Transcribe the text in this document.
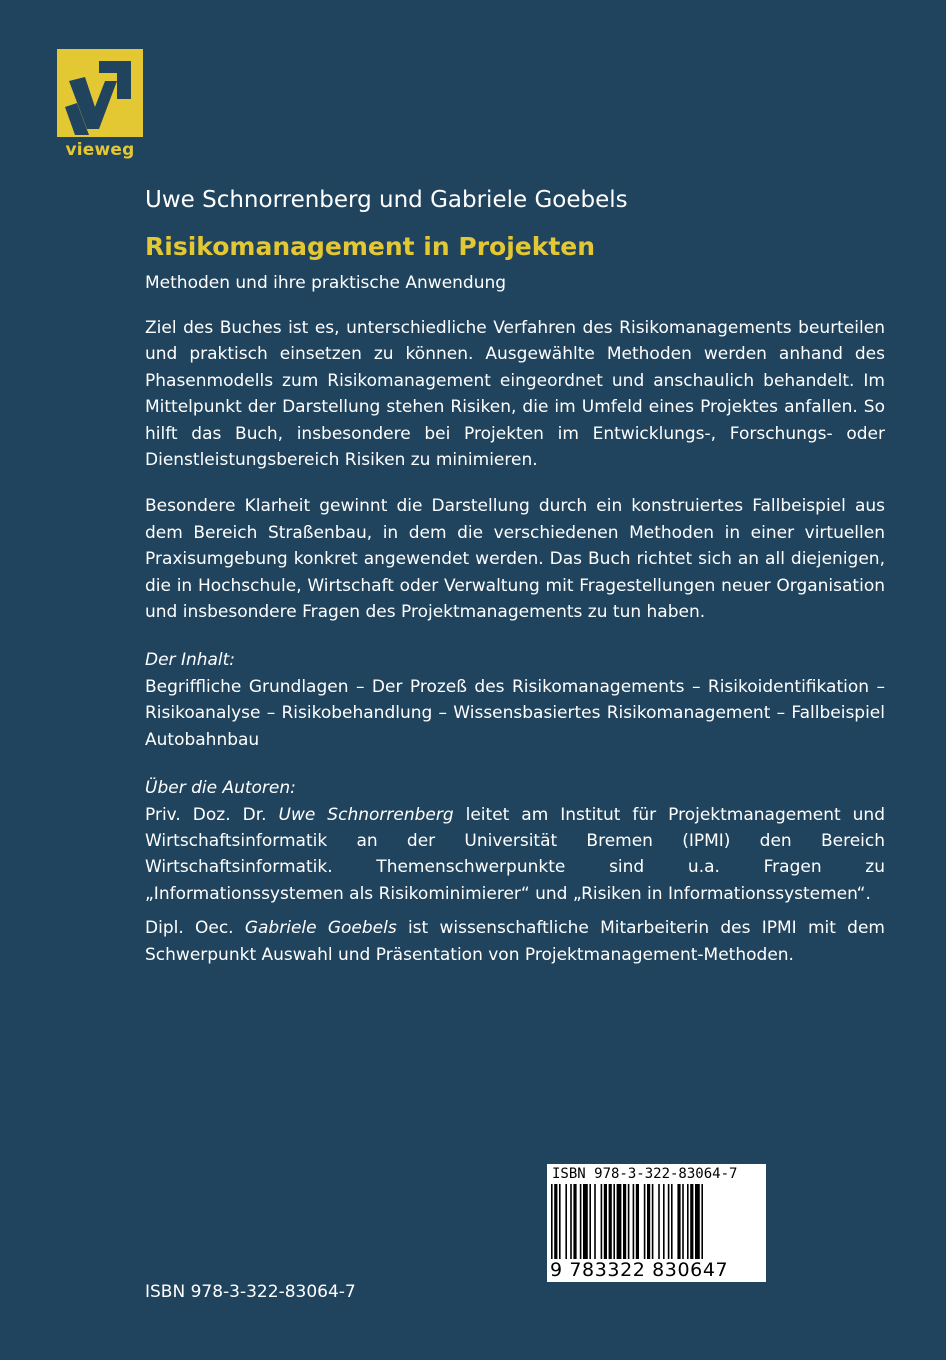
vieweg

Uwe Schnorrenberg und Gabriele Goebels

Risikomanagement in Projekten

Methoden und ihre praktische Anwendung

Ziel des Buches ist es, unterschiedliche Verfahren des Risikomanagements beurteilen und praktisch einsetzen zu können. Ausgewählte Methoden werden anhand des Phasenmodells zum Risikomanagement eingeordnet und anschaulich behandelt. Im Mittelpunkt der Darstellung stehen Risiken, die im Umfeld eines Projektes anfallen. So hilft das Buch, insbesondere bei Projekten im Entwicklungs-, Forschungs- oder Dienstleistungsbereich Risiken zu minimieren.

Besondere Klarheit gewinnt die Darstellung durch ein konstruiertes Fallbeispiel aus dem Bereich Straßenbau, in dem die verschiedenen Methoden in einer virtuellen Praxisumgebung konkret angewendet werden. Das Buch richtet sich an all diejenigen, die in Hochschule, Wirtschaft oder Verwaltung mit Fragestellungen neuer Organisation und insbesondere Fragen des Projektmanagements zu tun haben.

Der Inhalt:

Begriffliche Grundlagen – Der Prozeß des Risikomanagements – Risikoidentifikation – Risikoanalyse – Risikobehandlung – Wissensbasiertes Risikomanagement – Fallbeispiel Autobahnbau

Über die Autoren:

Priv. Doz. Dr. Uwe Schnorrenberg leitet am Institut für Projektmanagement und Wirtschaftsinformatik an der Universität Bremen (IPMI) den Bereich Wirtschaftsinformatik. Themenschwerpunkte sind u.a. Fragen zu „Informationssystemen als Risikominimierer“ und „Risiken in Informationssystemen“.

Dipl. Oec. Gabriele Goebels ist wissenschaftliche Mitarbeiterin des IPMI mit dem Schwerpunkt Auswahl und Präsentation von Projektmanagement-Methoden.

ISBN 978-3-322-83064-7
9 783322 830647
ISBN 978-3-322-83064-7
